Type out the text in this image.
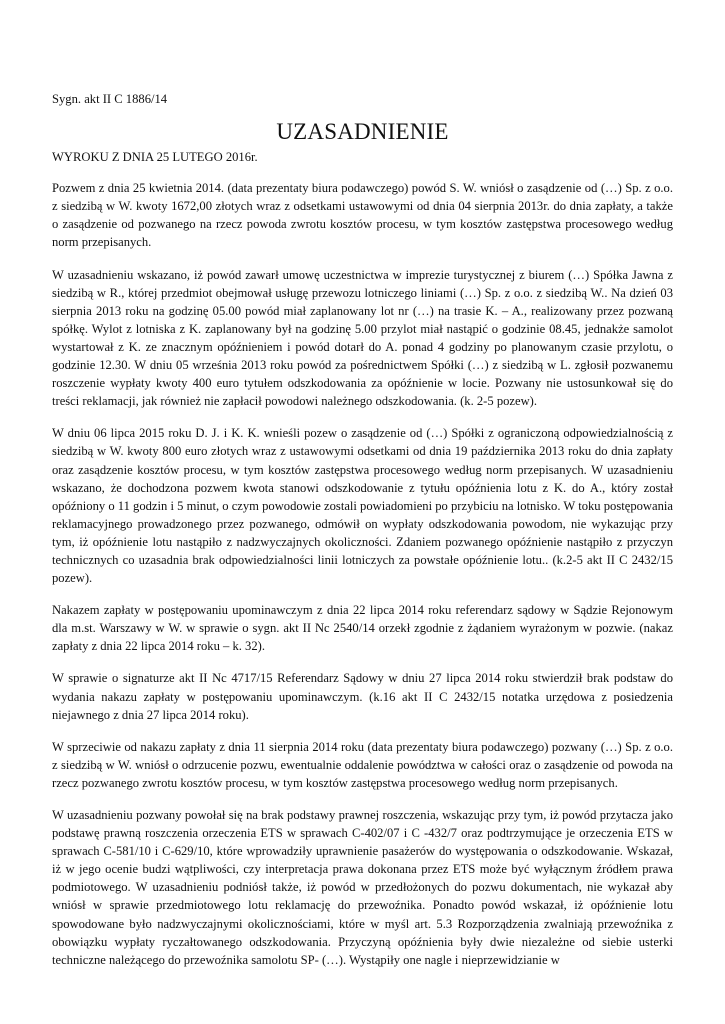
Sygn. akt II C 1886/14

UZASADNIENIE

WYROKU Z DNIA 25 LUTEGO 2016r.

Pozwem z dnia 25 kwietnia 2014. (data prezentaty biura podawczego) powód S. W. wniósł o zasądzenie od (…) Sp. z o.o. z siedzibą w W. kwoty 1672,00 złotych wraz z odsetkami ustawowymi od dnia 04 sierpnia 2013r. do dnia zapłaty, a także o zasądzenie od pozwanego na rzecz powoda zwrotu kosztów procesu, w tym kosztów zastępstwa procesowego według norm przepisanych.

W uzasadnieniu wskazano, iż powód zawarł umowę uczestnictwa w imprezie turystycznej z biurem (…) Spółka Jawna z siedzibą w R., której przedmiot obejmował usługę przewozu lotniczego liniami (…) Sp. z o.o. z siedzibą W.. Na dzień 03 sierpnia 2013 roku na godzinę 05.00 powód miał zaplanowany lot nr (…) na trasie K. – A., realizowany przez pozwaną spółkę. Wylot z lotniska z K. zaplanowany był na godzinę 5.00 przylot miał nastąpić o godzinie 08.45, jednakże samolot wystartował z K. ze znacznym opóźnieniem i powód dotarł do A. ponad 4 godziny po planowanym czasie przylotu, o godzinie 12.30. W dniu 05 września 2013 roku powód za pośrednictwem Spółki (…) z siedzibą w L. zgłosił pozwanemu roszczenie wypłaty kwoty 400 euro tytułem odszkodowania za opóźnienie w locie. Pozwany nie ustosunkował się do treści reklamacji, jak również nie zapłacił powodowi należnego odszkodowania. (k. 2-5 pozew).

W dniu 06 lipca 2015 roku D. J. i K. K. wnieśli pozew o zasądzenie od (…) Spółki z ograniczoną odpowiedzialnością z siedzibą w W. kwoty 800 euro złotych wraz z ustawowymi odsetkami od dnia 19 października 2013 roku do dnia zapłaty oraz zasądzenie kosztów procesu, w tym kosztów zastępstwa procesowego według norm przepisanych. W uzasadnieniu wskazano, że dochodzona pozwem kwota stanowi odszkodowanie z tytułu opóźnienia lotu z K. do A., który został opóźniony o 11 godzin i 5 minut, o czym powodowie zostali powiadomieni po przybiciu na lotnisko. W toku postępowania reklamacyjnego prowadzonego przez pozwanego, odmówił on wypłaty odszkodowania powodom, nie wykazując przy tym, iż opóźnienie lotu nastąpiło z nadzwyczajnych okoliczności. Zdaniem pozwanego opóźnienie nastąpiło z przyczyn technicznych co uzasadnia brak odpowiedzialności linii lotniczych za powstałe opóźnienie lotu.. (k.2-5 akt II C 2432/15 pozew).

Nakazem zapłaty w postępowaniu upominawczym z dnia 22 lipca 2014 roku referendarz sądowy w Sądzie Rejonowym dla m.st. Warszawy w W. w sprawie o sygn. akt II Nc 2540/14 orzekł zgodnie z żądaniem wyrażonym w pozwie. (nakaz zapłaty z dnia 22 lipca 2014 roku – k. 32).

W sprawie o signaturze akt II Nc 4717/15 Referendarz Sądowy w dniu 27 lipca 2014 roku stwierdził brak podstaw do wydania nakazu zapłaty w postępowaniu upominawczym. (k.16 akt II C 2432/15 notatka urzędowa z posiedzenia niejawnego z dnia 27 lipca 2014 roku).

W sprzeciwie od nakazu zapłaty z dnia 11 sierpnia 2014 roku (data prezentaty biura podawczego) pozwany (…) Sp. z o.o. z siedzibą w W. wniósł o odrzucenie pozwu, ewentualnie oddalenie powództwa w całości oraz o zasądzenie od powoda na rzecz pozwanego zwrotu kosztów procesu, w tym kosztów zastępstwa procesowego według norm przepisanych.

W uzasadnieniu pozwany powołał się na brak podstawy prawnej roszczenia, wskazując przy tym, iż powód przytacza jako podstawę prawną roszczenia orzeczenia ETS w sprawach C-402/07 i C -432/7 oraz podtrzymujące je orzeczenia ETS w sprawach C-581/10 i C-629/10, które wprowadziły uprawnienie pasażerów do występowania o odszkodowanie. Wskazał, iż w jego ocenie budzi wątpliwości, czy interpretacja prawa dokonana przez ETS może być wyłącznym źródłem prawa podmiotowego. W uzasadnieniu podniósł także, iż powód w przedłożonych do pozwu dokumentach, nie wykazał aby wniósł w sprawie przedmiotowego lotu reklamację do przewoźnika. Ponadto powód wskazał, iż opóźnienie lotu spowodowane było nadzwyczajnymi okolicznościami, które w myśl art. 5.3 Rozporządzenia zwalniają przewoźnika z obowiązku wypłaty ryczałtowanego odszkodowania. Przyczyną opóźnienia były dwie niezależne od siebie usterki techniczne należącego do przewoźnika samolotu SP- (…). Wystąpiły one nagle i nieprzewidzianie w
